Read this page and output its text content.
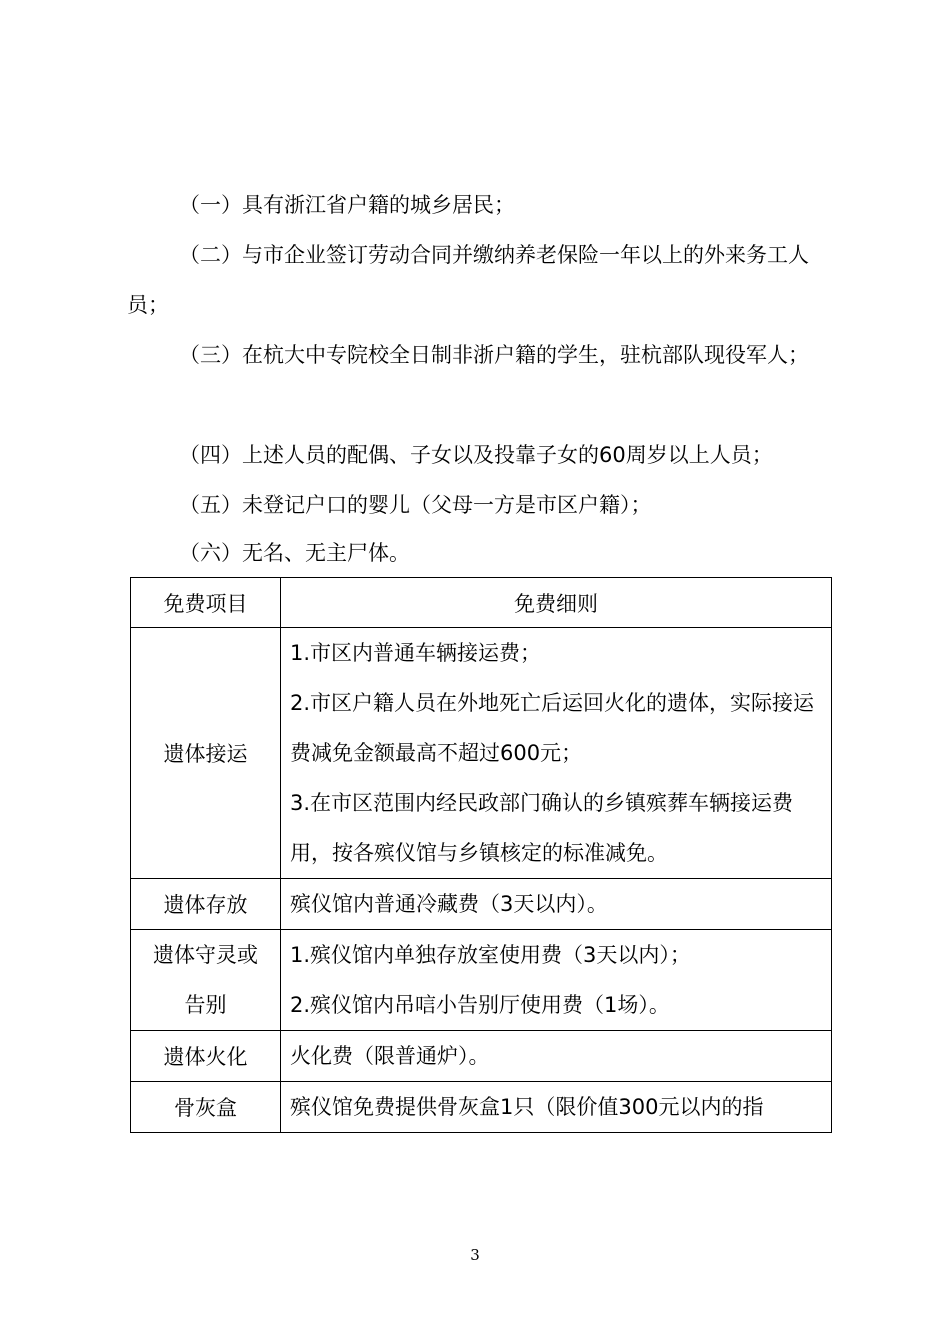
（一）具有浙江省户籍的城乡居民；
（二）与市企业签订劳动合同并缴纳养老保险一年以上的外来务工人员；
（三）在杭大中专院校全日制非浙户籍的学生，驻杭部队现役军人；
（四）上述人员的配偶、子女以及投靠子女的60周岁以上人员；
（五）未登记户口的婴儿（父母一方是市区户籍）；
（六）无名、无主尸体。
免费项目	免费细则
遗体接运	1.市区内普通车辆接运费；
2.市区户籍人员在外地死亡后运回火化的遗体，实际接运费减免金额最高不超过600元；
3.在市区范围内经民政部门确认的乡镇殡葬车辆接运费用，按各殡仪馆与乡镇核定的标准减免。

遗体存放	殡仪馆内普通冷藏费（3天以内）。

遗体守灵或告别	1.殡仪馆内单独存放室使用费（3天以内）；
2.殡仪馆内吊唁小告别厅使用费（1场）。

遗体火化	火化费（限普通炉）。

骨灰盒	殡仪馆免费提供骨灰盒1只（限价值300元以内的指
3
